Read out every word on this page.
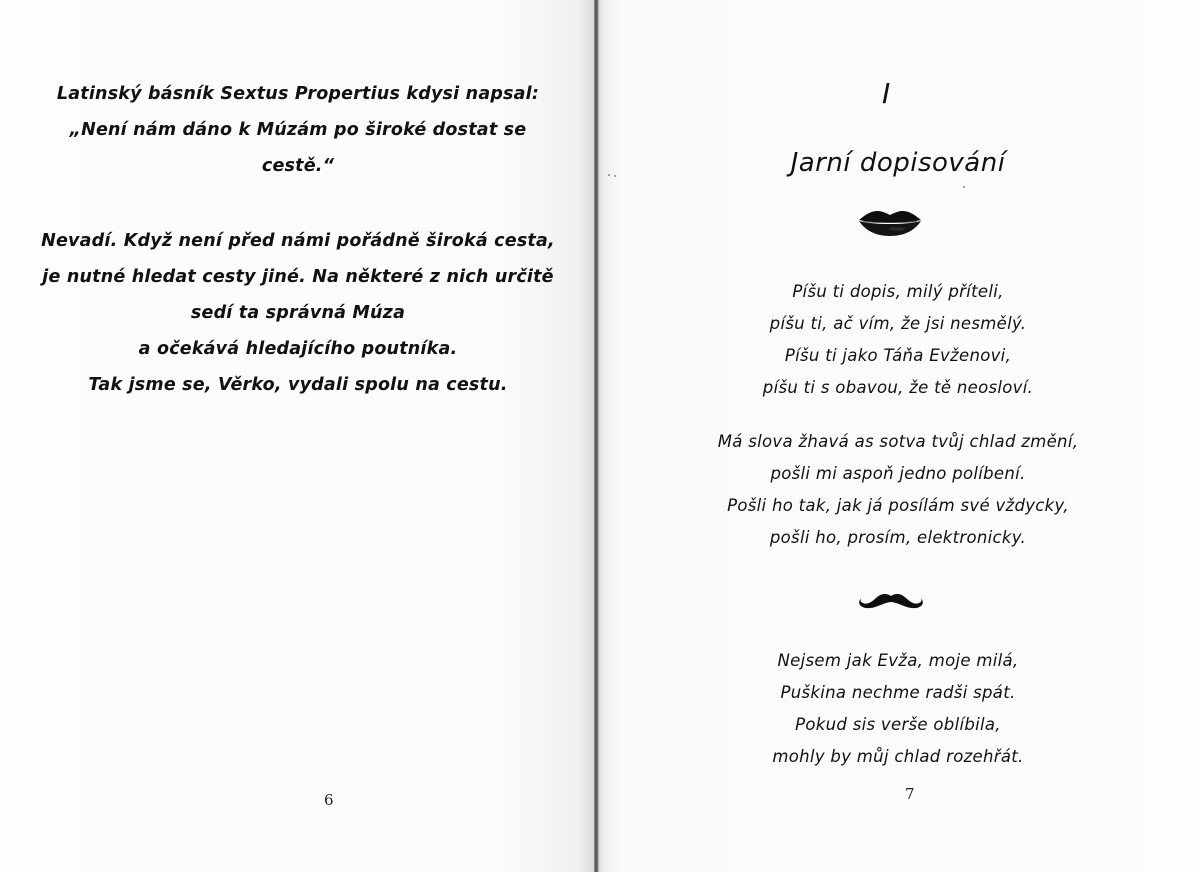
Latinský básník Sextus Propertius kdysi napsal:
„Není nám dáno k Múzám po široké dostat se
cestě.“
Nevadí. Když není před námi pořádně široká cesta,
je nutné hledat cesty jiné. Na některé z nich určitě
sedí ta správná Múza
a očekává hledajícího poutníka.
Tak jsme se, Věrko, vydali spolu na cestu.
6
I
Jarní dopisování
Píšu ti dopis, milý příteli,
píšu ti, ač vím, že jsi nesmělý.
Píšu ti jako Táňa Evženovi,
píšu ti s obavou, že tě neosloví.
Má slova žhavá as sotva tvůj chlad změní,
pošli mi aspoň jedno políbení.
Pošli ho tak, jak já posílám své vždycky,
pošli ho, prosím, elektronicky.
Nejsem jak Evža, moje milá,
Puškina nechme radši spát.
Pokud sis verše oblíbila,
mohly by můj chlad rozehřát.
7
